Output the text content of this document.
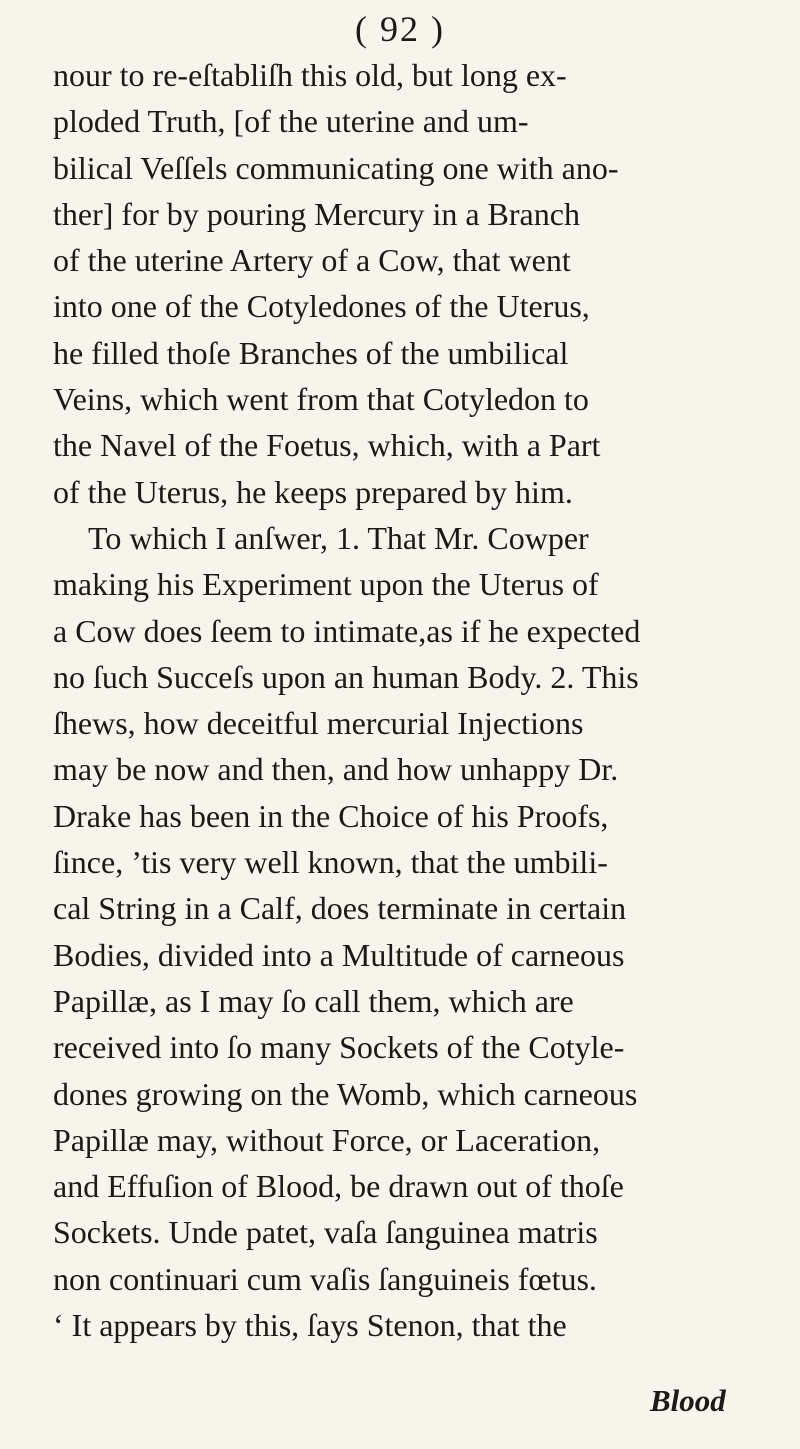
( 92 )
nour to re-eſtabliſh this old, but long ex-
ploded Truth, [of the uterine and um-
bilical Veſſels communicating one with ano-
ther] for by pouring Mercury in a Branch
of the uterine Artery of a Cow, that went
into one of the Cotyledones of the Uterus,
he filled thoſe Branches of the umbilical
Veins, which went from that Cotyledon to
the Navel of the Foetus, which, with a Part
of the Uterus, he keeps prepared by him.
To which I anſwer, 1. That Mr. Cowper
making his Experiment upon the Uterus of
a Cow does ſeem to intimate,as if he expected
no ſuch Succeſs upon an human Body. 2. This
ſhews, how deceitful mercurial Injections
may be now and then, and how unhappy Dr.
Drake has been in the Choice of his Proofs,
ſince, ’tis very well known, that the umbili-
cal String in a Calf, does terminate in certain
Bodies, divided into a Multitude of carneous
Papillæ, as I may ſo call them, which are
received into ſo many Sockets of the Cotyle-
dones growing on the Womb, which carneous
Papillæ may, without Force, or Laceration,
and Effuſion of Blood, be drawn out of thoſe
Sockets. Unde patet, vaſa ſanguinea matris
non continuari cum vaſis ſanguineis fœtus.
‘ It appears by this, ſays Stenon, that the
Blood
